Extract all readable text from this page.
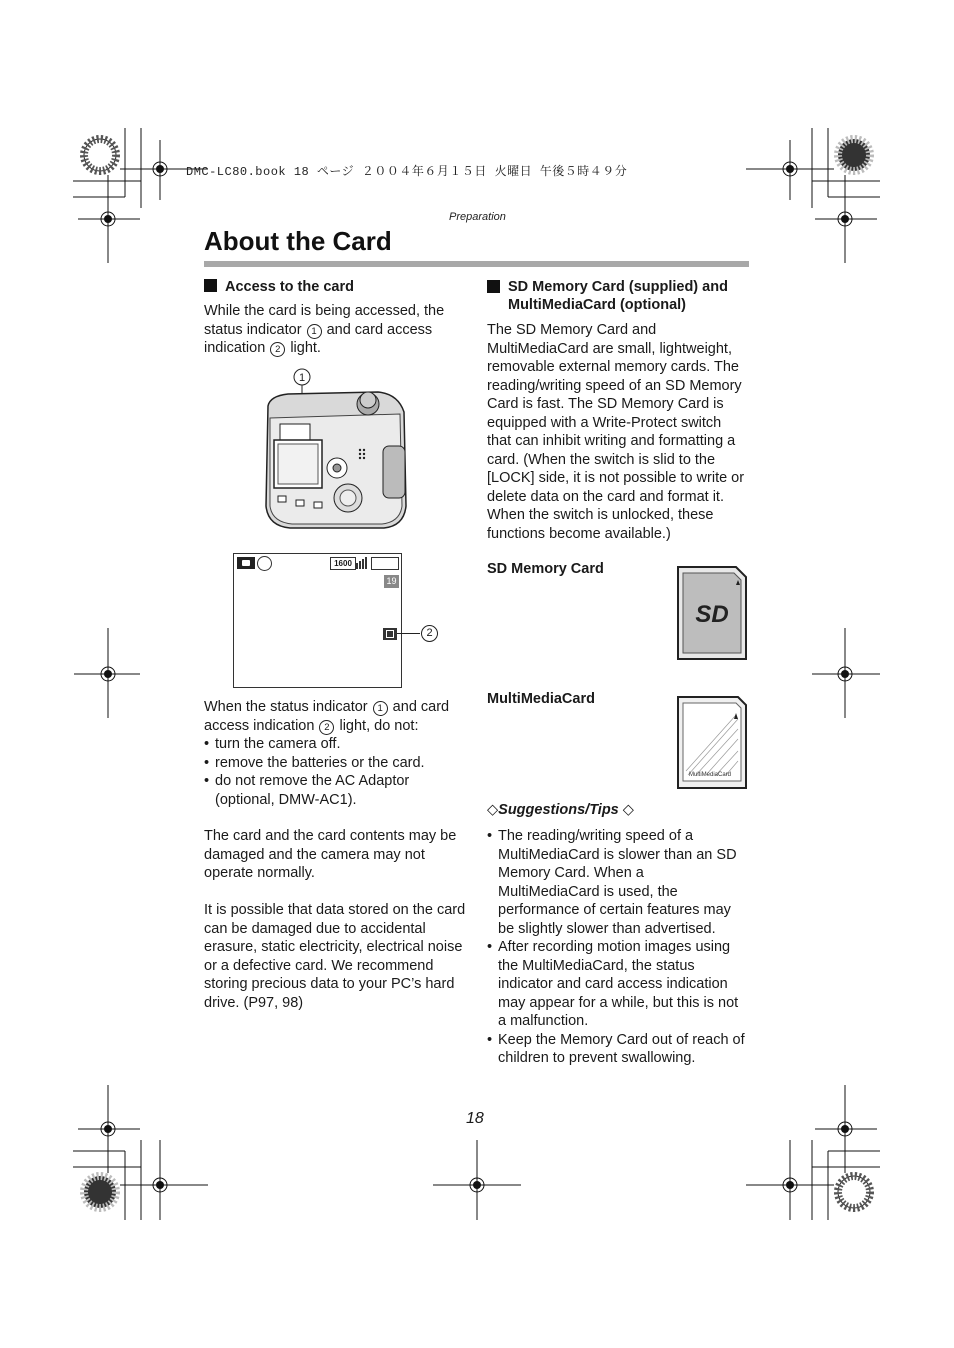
DMC-LC80.book 18 ページ ２００４年６月１５日 火曜日 午後５時４９分
Preparation
About the Card
Access to the card
While the card is being accessed, the status indicator 1 and card access indication 2 light.
1
1600
19
2

When the status indicator 1 and card access indication 2 light, do not:

• turn the camera off.
• remove the batteries or the card.
• do not remove the AC Adaptor (optional, DMW-AC1).

The card and the card contents may be damaged and the camera may not operate normally.

It is possible that data stored on the card can be damaged due to accidental erasure, static electricity, electrical noise or a defective card. We recommend storing precious data to your PC’s hard drive. (P97, 98)

SD Memory Card (supplied) and MultiMediaCard (optional)

The SD Memory Card and MultiMediaCard are small, lightweight, removable external memory cards. The reading/writing speed of an SD Memory Card is fast. The SD Memory Card is equipped with a Write-Protect switch that can inhibit writing and formatting a card. (When the switch is slid to the [LOCK] side, it is not possible to write or delete data on the card and format it. When the switch is unlocked, these functions become available.)

SD Memory Card
SD
MultiMediaCard
MultiMediaCard
◇Suggestions/Tips ◇
• The reading/writing speed of a MultiMediaCard is slower than an SD Memory Card. When a MultiMediaCard is used, the performance of certain features may be slightly slower than advertised.
• After recording motion images using the MultiMediaCard, the status indicator and card access indication may appear for a while, but this is not a malfunction.
• Keep the Memory Card out of reach of children to prevent swallowing.
18
